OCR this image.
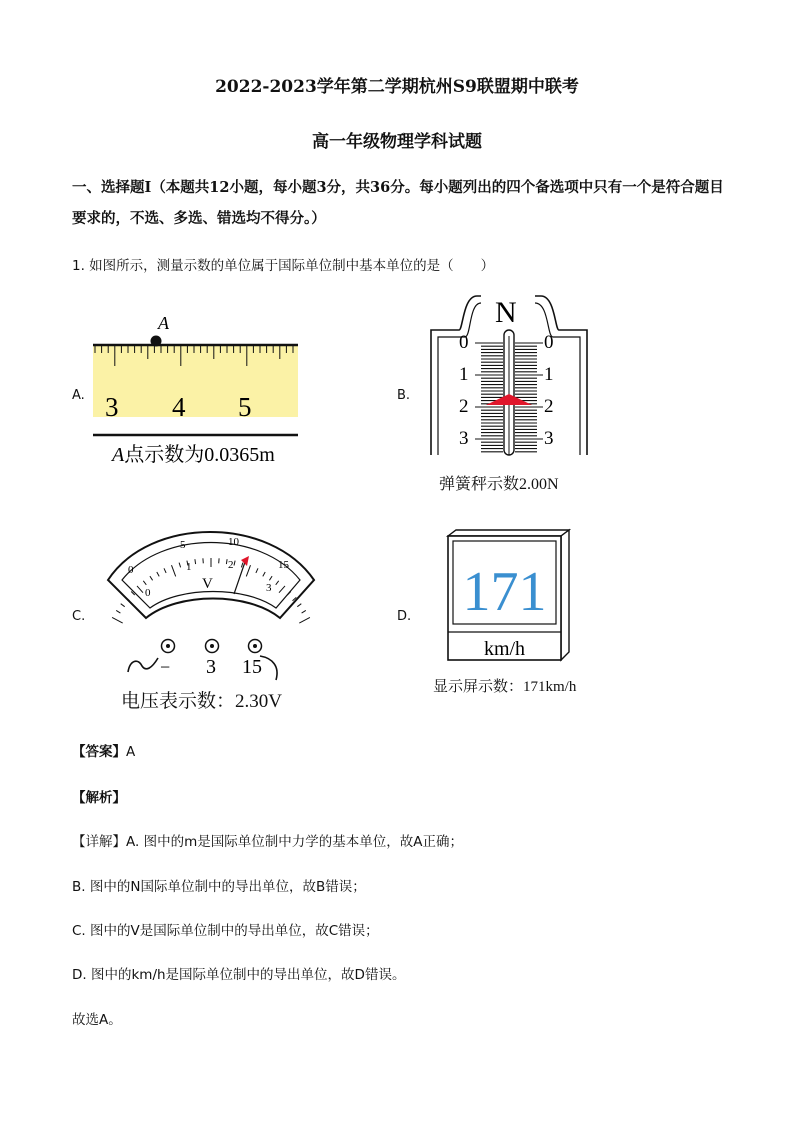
2022-2023学年第二学期杭州S9联盟期中联考
高一年级物理学科试题
一、选择题Ⅰ（本题共12小题，每小题3分，共36分。每小题列出的四个备选项中只有一个是符合题目要求的，不选、多选、错选均不得分。）
1. 如图所示，测量示数的单位属于国际单位制中基本单位的是（　　）
A.
A
3 4 5
A点示数为0.0365m
B.
N
0
1
2
3
0
1
2
3
弹簧秤示数2.00N
C.
0
5	10
15
0
1	2
3
V
− 3 15
电压表示数：2.30V
D. 171
km/h
显示屏示数：171km/h
【答案】A
【解析】
【详解】A. 图中的m是国际单位制中力学的基本单位，故A正确；
B. 图中的N国际单位制中的导出单位，故B错误；
C. 图中的V是国际单位制中的导出单位，故C错误；
D. 图中的km/h是国际单位制中的导出单位，故D错误。
故选A。
